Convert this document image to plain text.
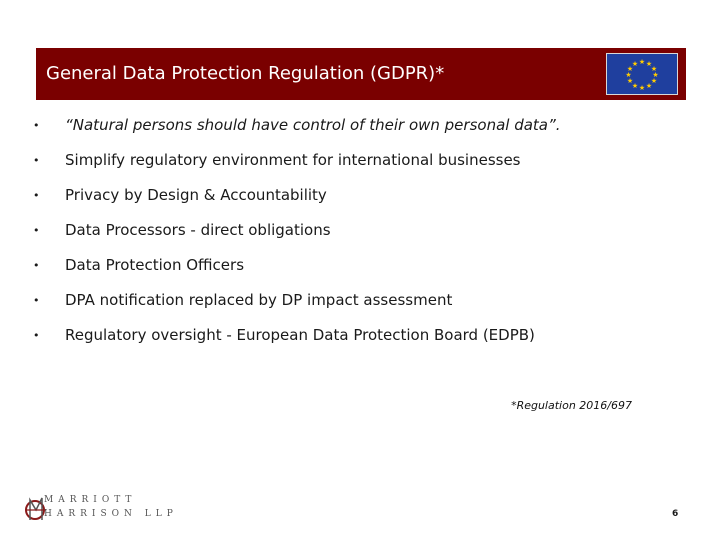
General Data Protection Regulation (GDPR)*
★ ★
★
★
★
★
★
★
★
★
★
★
• “Natural persons should have control of their own personal data”.
• Simplify regulatory environment for international businesses
• Privacy by Design & Accountability
• Data Processors - direct obligations
• Data Protection Officers
• DPA notification replaced by DP impact assessment
• Regulatory oversight - European Data Protection Board (EDPB)
*Regulation 2016/697
MARRIOTT
HARRISON LLP	6
